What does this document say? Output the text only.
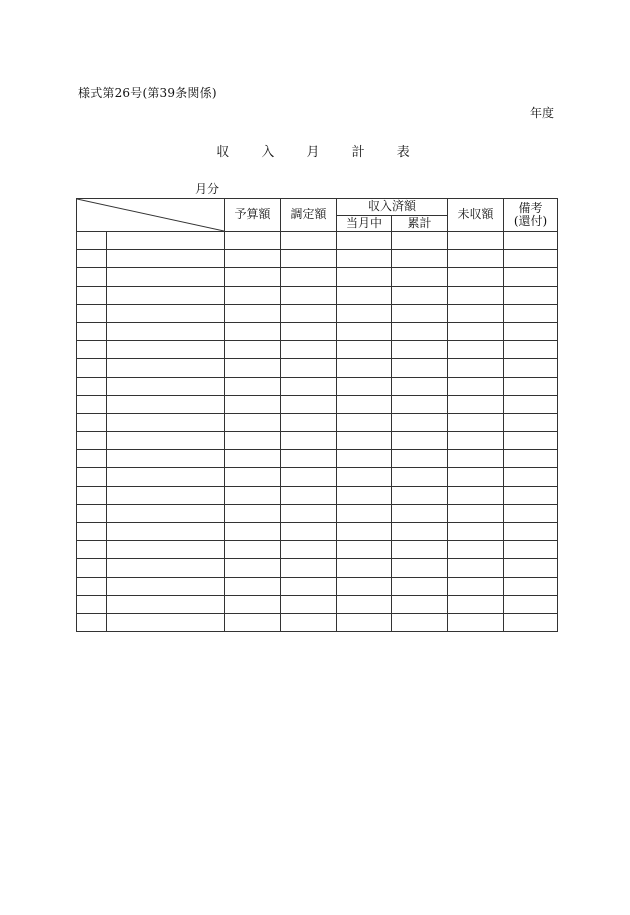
様式第26号(第39条関係)
年度
収 入 月 計 表
月分
	予算額	調定額	収入済額		未収額	備考
(還付)

				当月中	累計		
